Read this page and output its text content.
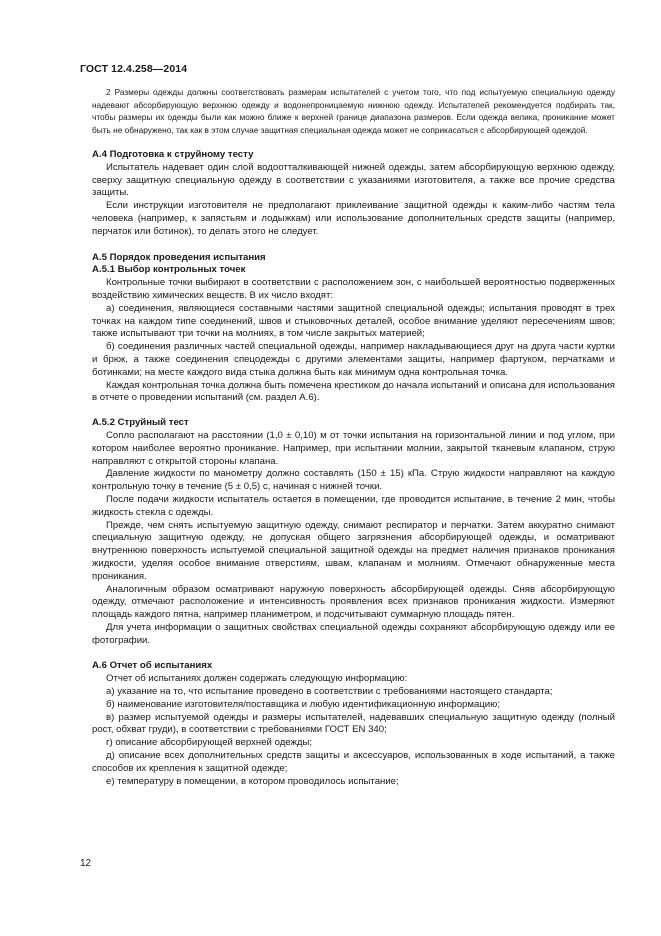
ГОСТ 12.4.258—2014

2 Размеры одежды должны соответствовать размерам испытателей с учетом того, что под испытуемую специальную одежду надевают абсорбирующую верхнюю одежду и водонепроницаемую нижнюю одежду. Испытателей рекомендуется подбирать так, чтобы размеры их одежды были как можно ближе к верхней границе диапазона размеров. Если одежда велика, проникание может быть не обнаружено, так как в этом случае защитная специальная одежда может не соприкасаться с абсорбирующей одеждой.

А.4 Подготовка к струйному тесту

Испытатель надевает один слой водоотталкивающей нижней одежды, затем абсорбирующую верхнюю одежду, сверху защитную специальную одежду в соответствии с указаниями изготовителя, а также все прочие средства защиты.

Если инструкции изготовителя не предполагают приклеивание защитной одежды к каким-либо частям тела человека (например, к запястьям и лодыжкам) или использование дополнительных средств защиты (например, перчаток или ботинок), то делать этого не следует.

А.5 Порядок проведения испытания

А.5.1 Выбор контрольных точек

Контрольные точки выбирают в соответствии с расположением зон, с наибольшей вероятностью подверженных воздействию химических веществ. В их число входят:

а) соединения, являющиеся составными частями защитной специальной одежды; испытания проводят в трех точках на каждом типе соединений, швов и стыковочных деталей, особое внимание уделяют пересечениям швов; также испытывают три точки на молниях, в том числе закрытых материей;

б) соединения различных частей специальной одежды, например накладывающиеся друг на друга части куртки и брюк, а также соединения спецодежды с другими элементами защиты, например фартуком, перчатками и ботинками; на месте каждого вида стыка должна быть как минимум одна контрольная точка.

Каждая контрольная точка должна быть помечена крестиком до начала испытаний и описана для использования в отчете о проведении испытаний (см. раздел А.6).

А.5.2 Струйный тест

Сопло располагают на расстоянии (1,0 ± 0,10) м от точки испытания на горизонтальной линии и под углом, при котором наиболее вероятно проникание. Например, при испытании молнии, закрытой тканевым клапаном, струю направляют с открытой стороны клапана.

Давление жидкости по манометру должно составлять (150 ± 15) кПа. Струю жидкости направляют на каждую контрольную точку в течение (5 ± 0,5) с, начиная с нижней точки.

После подачи жидкости испытатель остается в помещении, где проводится испытание, в течение 2 мин, чтобы жидкость стекла с одежды.

Прежде, чем снять испытуемую защитную одежду, снимают респиратор и перчатки. Затем аккуратно снимают специальную защитную одежду, не допуская общего загрязнения абсорбирующей одежды, и осматривают внутреннюю поверхность испытуемой специальной защитной одежды на предмет наличия признаков проникания жидкости, уделяя особое внимание отверстиям, швам, клапанам и молниям. Отмечают обнаруженные места проникания.

Аналогичным образом осматривают наружную поверхность абсорбирующей одежды. Сняв абсорбирующую одежду, отмечают расположение и интенсивность проявления всех признаков проникания жидкости. Измеряют площадь каждого пятна, например планиметром, и подсчитывают суммарную площадь пятен.

Для учета информации о защитных свойствах специальной одежды сохраняют абсорбирующую одежду или ее фотографии.

А.6 Отчет об испытаниях

Отчет об испытаниях должен содержать следующую информацию:

а) указание на то, что испытание проведено в соответствии с требованиями настоящего стандарта;

б) наименование изготовителя/поставщика и любую идентификационную информацию;

в) размер испытуемой одежды и размеры испытателей, надевавших специальную защитную одежду (полный рост, обхват груди), в соответствии с требованиями ГОСТ EN 340;

г) описание абсорбирующей верхней одежды;

д) описание всех дополнительных средств защиты и аксессуаров, использованных в ходе испытаний, а также способов их крепления к защитной одежде;

е) температуру в помещении, в котором проводилось испытание;

12
